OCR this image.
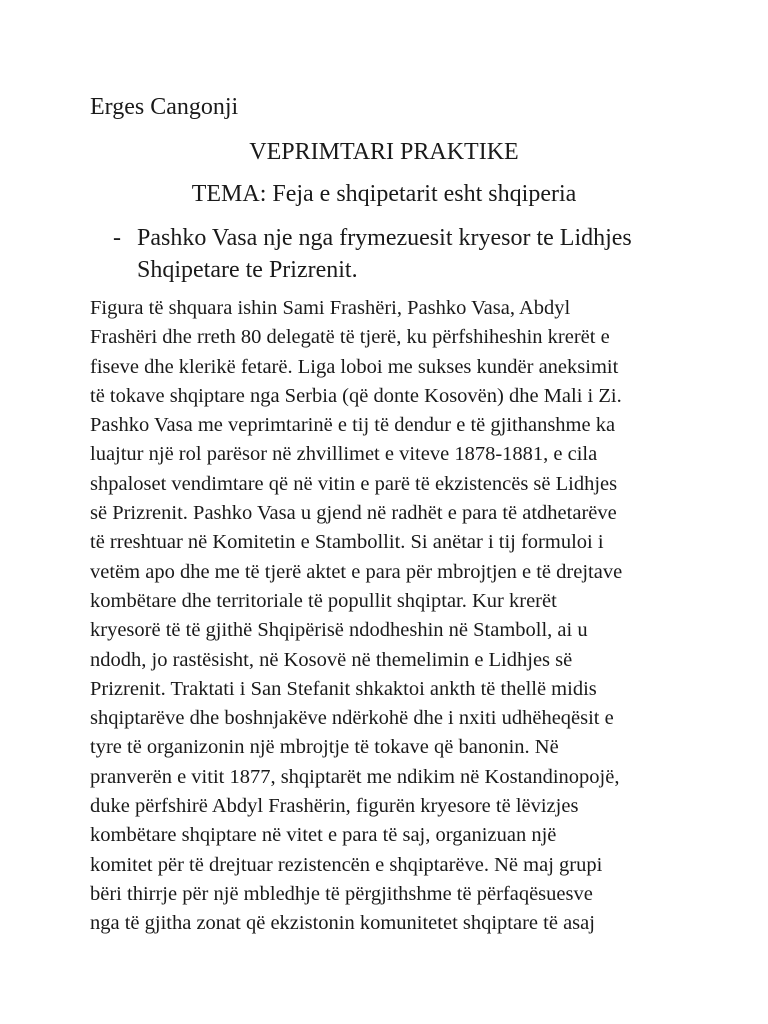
Erges Cangonji

VEPRIMTARI PRAKTIKE
TEMA: Feja e shqipetarit esht shqiperia
- Pashko Vasa nje nga frymezuesit kryesor te Lidhjes
Shqipetare te Prizrenit.
Figura të shquara ishin Sami Frashëri, Pashko Vasa, Abdyl
Frashëri dhe rreth 80 delegatë të tjerë, ku përfshiheshin krerët e
fiseve dhe klerikë fetarë. Liga loboi me sukses kundër aneksimit
të tokave shqiptare nga Serbia (që donte Kosovën) dhe Mali i Zi.
Pashko Vasa me veprimtarinë e tij të dendur e të gjithanshme ka
luajtur një rol parësor në zhvillimet e viteve 1878-1881, e cila
shpaloset vendimtare që në vitin e parë të ekzistencës së Lidhjes
së Prizrenit. Pashko Vasa u gjend në radhët e para të atdhetarëve
të rreshtuar në Komitetin e Stambollit. Si anëtar i tij formuloi i
vetëm apo dhe me të tjerë aktet e para për mbrojtjen e të drejtave
kombëtare dhe territoriale të popullit shqiptar. Kur krerët
kryesorë të të gjithë Shqipërisë ndodheshin në Stamboll, ai u
ndodh, jo rastësisht, në Kosovë në themelimin e Lidhjes së
Prizrenit. Traktati i San Stefanit shkaktoi ankth të thellë midis
shqiptarëve dhe boshnjakëve ndërkohë dhe i nxiti udhëheqësit e
tyre të organizonin një mbrojtje të tokave që banonin. Në
pranverën e vitit 1877, shqiptarët me ndikim në Kostandinopojë,
duke përfshirë Abdyl Frashërin, figurën kryesore të lëvizjes
kombëtare shqiptare në vitet e para të saj, organizuan një
komitet për të drejtuar rezistencën e shqiptarëve. Në maj grupi
bëri thirrje për një mbledhje të përgjithshme të përfaqësuesve
nga të gjitha zonat që ekzistonin komunitetet shqiptare të asaj
